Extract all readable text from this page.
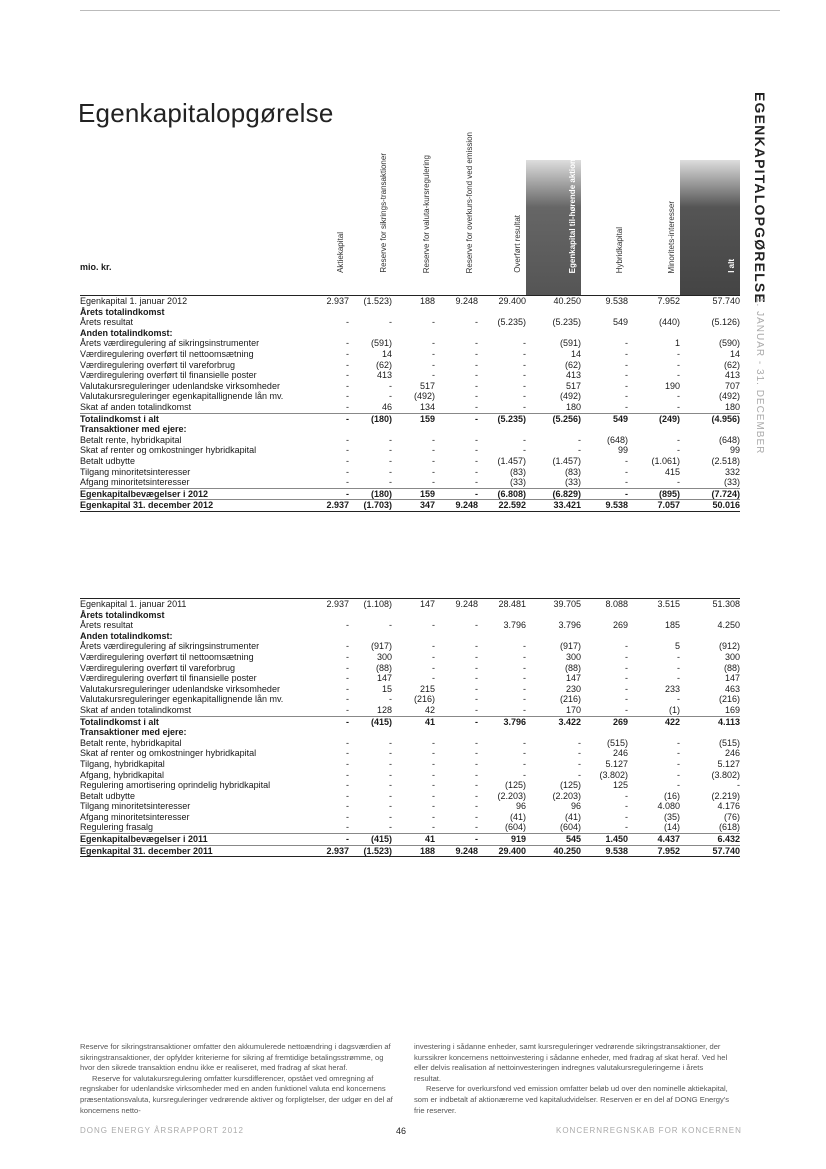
Egenkapitalopgørelse	EGENKAPITALOPGØRELSE
1. JANUAR - 31. DECEMBER
mio. kr.	Aktiekapital	Reserve for sikrings-transaktioner	Reserve for valuta-kursregulering	Reserve for overkurs-fond ved emission	Overført resultat	Egenkapital til-hørende aktionærer i DONG Energy A/S	Hybridkapital	Minoritets-interesser	I alt

Egenkapital 1. januar 2012	2.937	(1.523)	188	9.248	29.400	40.250	9.538	7.952	57.740
Årets totalindkomst									
Årets resultat	-	-	-	-	(5.235)	(5.235)	549	(440)	(5.126)
Anden totalindkomst:									
Årets værdiregulering af sikringsinstrumenter	-	(591)	-	-	-	(591)	-	1	(590)
Værdiregulering overført til nettoomsætning	-	14	-	-	-	14	-	-	14
Værdiregulering overført til vareforbrug	-	(62)	-	-	-	(62)	-	-	(62)
Værdiregulering overført til finansielle poster	-	413	-	-	-	413	-	-	413
Valutakursreguleringer udenlandske virksomheder	-	-	517	-	-	517	-	190	707
Valutakursreguleringer egenkapitallignende lån mv.	-	-	(492)	-	-	(492)	-	-	(492)
Skat af anden totalindkomst	-	46	134	-	-	180	-	-	180
Totalindkomst i alt	-	(180)	159	-	(5.235)	(5.256)	549	(249)	(4.956)
Transaktioner med ejere:									
Betalt rente, hybridkapital	-	-	-	-	-	-	(648)	-	(648)
Skat af renter og omkostninger hybridkapital	-	-	-	-	-	-	99	-	99
Betalt udbytte	-	-	-	-	(1.457)	(1.457)	-	(1.061)	(2.518)
Tilgang minoritetsinteresser	-	-	-	-	(83)	(83)	-	415	332
Afgang minoritetsinteresser	-	-	-	-	(33)	(33)	-	-	(33)
Egenkapitalbevægelser i 2012	-	(180)	159	-	(6.808)	(6.829)	-	(895)	(7.724)
Egenkapital 31. december 2012	2.937	(1.703)	347	9.248	22.592	33.421	9.538	7.057	50.016
Egenkapital 1. januar 2011	2.937	(1.108)	147	9.248	28.481	39.705	8.088	3.515	51.308
Årets totalindkomst									
Årets resultat	-	-	-	-	3.796	3.796	269	185	4.250
Anden totalindkomst:									
Årets værdiregulering af sikringsinstrumenter	-	(917)	-	-	-	(917)	-	5	(912)
Værdiregulering overført til nettoomsætning	-	300	-	-	-	300	-	-	300
Værdiregulering overført til vareforbrug	-	(88)	-	-	-	(88)	-	-	(88)
Værdiregulering overført til finansielle poster	-	147	-	-	-	147	-	-	147
Valutakursreguleringer udenlandske virksomheder	-	15	215	-	-	230	-	233	463
Valutakursreguleringer egenkapitallignende lån mv.	-	-	(216)	-	-	(216)	-	-	(216)
Skat af anden totalindkomst	-	128	42	-	-	170	-	(1)	169
Totalindkomst i alt	-	(415)	41	-	3.796	3.422	269	422	4.113
Transaktioner med ejere:									
Betalt rente, hybridkapital	-	-	-	-	-	-	(515)	-	(515)
Skat af renter og omkostninger hybridkapital	-	-	-	-	-	-	246	-	246
Tilgang, hybridkapital	-	-	-	-	-	-	5.127	-	5.127
Afgang, hybridkapital	-	-	-	-	-	-	(3.802)	-	(3.802)
Regulering amortisering oprindelig hybridkapital	-	-	-	-	(125)	(125)	125	-	-
Betalt udbytte	-	-	-	-	(2.203)	(2.203)	-	(16)	(2.219)
Tilgang minoritetsinteresser	-	-	-	-	96	96	-	4.080	4.176
Afgang minoritetsinteresser	-	-	-	-	(41)	(41)	-	(35)	(76)
Regulering frasalg	-	-	-	-	(604)	(604)	-	(14)	(618)
Egenkapitalbevægelser i 2011	-	(415)	41	-	919	545	1.450	4.437	6.432
Egenkapital 31. december 2011	2.937	(1.523)	188	9.248	29.400	40.250	9.538	7.952	57.740

Reserve for sikringstransaktioner omfatter den akkumulerede nettoændring i dagsværdien af sikringstransaktioner, der opfylder kriterierne for sikring af fremtidige betalingsstrømme, og hvor den sikrede transaktion endnu ikke er realiseret, med fradrag af skat heraf.

Reserve for valutakursregulering omfatter kursdifferencer, opstået ved omregning af regnskaber for udenlandske virksomheder med en anden funktionel valuta end koncernens præsentationsvaluta, kursreguleringer vedrørende aktiver og forpligtelser, der udgør en del af koncernens netto-

investering i sådanne enheder, samt kursreguleringer vedrørende sikringstransaktioner, der kurssikrer koncernens nettoinvestering i sådanne enheder, med fradrag af skat heraf. Ved hel eller delvis realisation af nettoinvesteringen indregnes valutakursreguleringerne i årets resultat.

Reserve for overkursfond ved emission omfatter beløb ud over den nominelle aktiekapital, som er indbetalt af aktionærerne ved kapitaludvidelser. Reserven er en del af DONG Energy's frie reserver.

DONG ENERGY ÅRSRAPPORT 2012	46	KONCERNREGNSKAB FOR KONCERNEN
